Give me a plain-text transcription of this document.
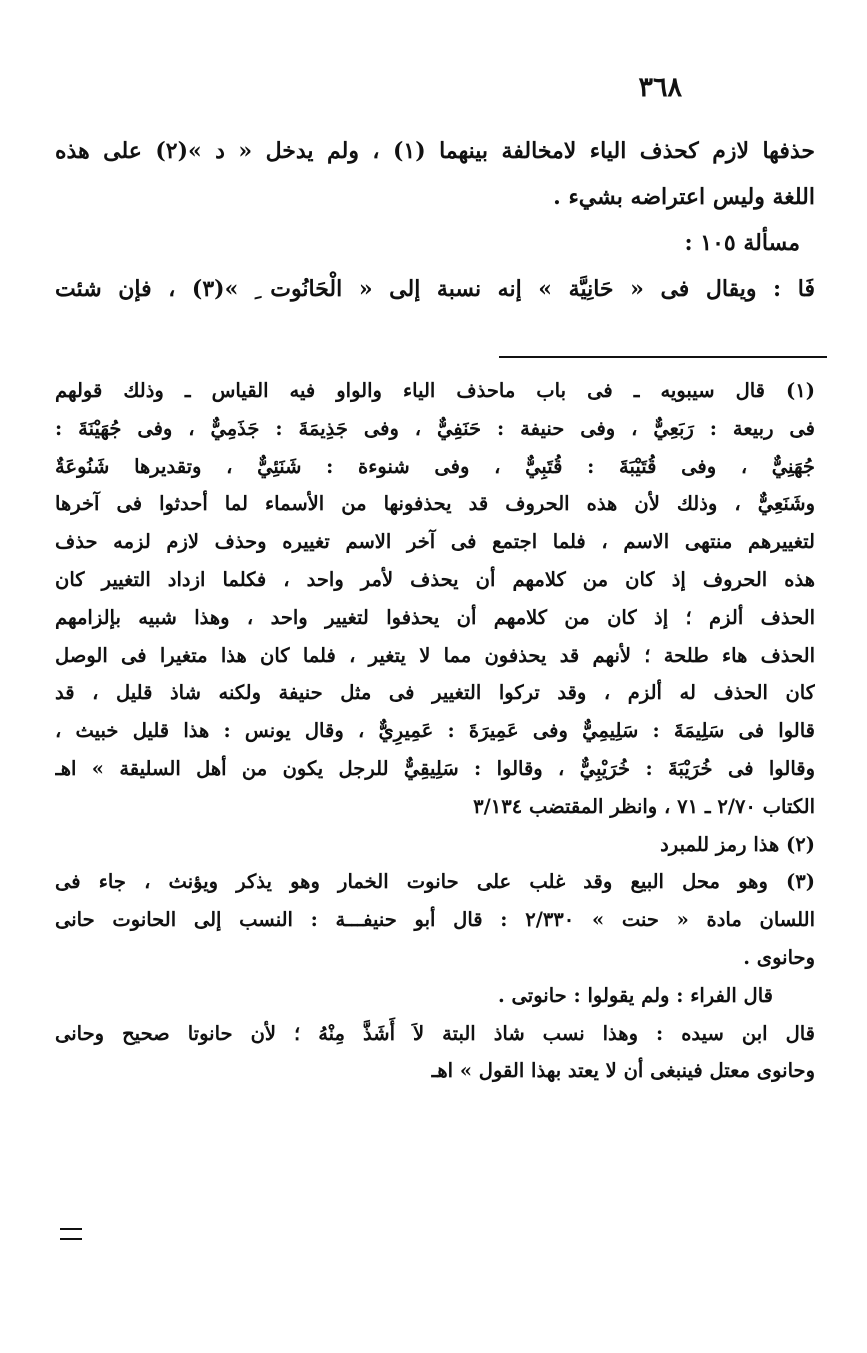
٣٦٨
حذفها لازم كحذف الياء لامخالفة بينهما (١) ، ولم يدخل « د »(٢) على هذه
اللغة وليس اعتراضه بشيء .
مسألة ١٠٥ :
فَا : ويقال فى « حَانِيَّة » إنه نسبة إلى « الْحَانُوت ِ »(٣) ، فإن شئت
(١) قال سيبويه ـ فى باب ماحذف الياء والواو فيه القياس ـ وذلك قولهم
فى ربيعة : رَبَعِيٌّ ، وفى حنيفة : حَنَفِيٌّ ، وفى جَذِيمَةَ : جَذَمِيٌّ ، وفى جُهَيْنَةَ :
جُهَنِيٌّ ، وفى قُتَيْبَةَ : قُتَبِيٌّ ، وفى شنوءة : شَنَئِيٌّ ، وتقديرها شَنُوعَةٌ
وشَنَعِيٌّ ، وذلك لأن هذه الحروف قد يحذفونها من الأسماء لما أحدثوا فى آخرها
لتغييرهم منتهى الاسم ، فلما اجتمع فى آخر الاسم تغييره وحذف لازم لزمه حذف
هذه الحروف إذ كان من كلامهم أن يحذف لأمر واحد ، فكلما ازداد التغيير كان
الحذف ألزم ؛ إذ كان من كلامهم أن يحذفوا لتغيير واحد ، وهذا شبيه بإلزامهم
الحذف هاء طلحة ؛ لأنهم قد يحذفون مما لا يتغير ، فلما كان هذا متغيرا فى الوصل
كان الحذف له ألزم ، وقد تركوا التغيير فى مثل حنيفة ولكنه شاذ قليل ، قد
قالوا فى سَلِيمَةَ : سَلِيمِيٌّ وفى عَمِيرَةَ : عَمِيرِيٌّ ، وقال يونس : هذا قليل خبيث ،
وقالوا فى خُرَيْبَةَ : خُرَيْبِيٌّ ، وقالوا : سَلِيقِيٌّ للرجل يكون من أهل السليقة » اهـ
الكتاب ٢/٧٠ ـ ٧١ ، وانظر المقتضب ٣/١٣٤
(٢) هذا رمز للمبرد
(٣) وهو محل البيع وقد غلب على حانوت الخمار وهو يذكر ويؤنث ، جاء فى
اللسان مادة « حنت » ٢/٣٣٠ : قال أبو حنيفـــة : النسب إلى الحانوت حانى
وحانوى .
قال الفراء : ولم يقولوا : حانوتى .
قال ابن سيده : وهذا نسب شاذ البتة لاَ أَشَذَّ مِنْهُ ؛ لأن حانوتا صحيح وحانى
وحانوى معتل فينبغى أن لا يعتد بهذا القول » اهـ
